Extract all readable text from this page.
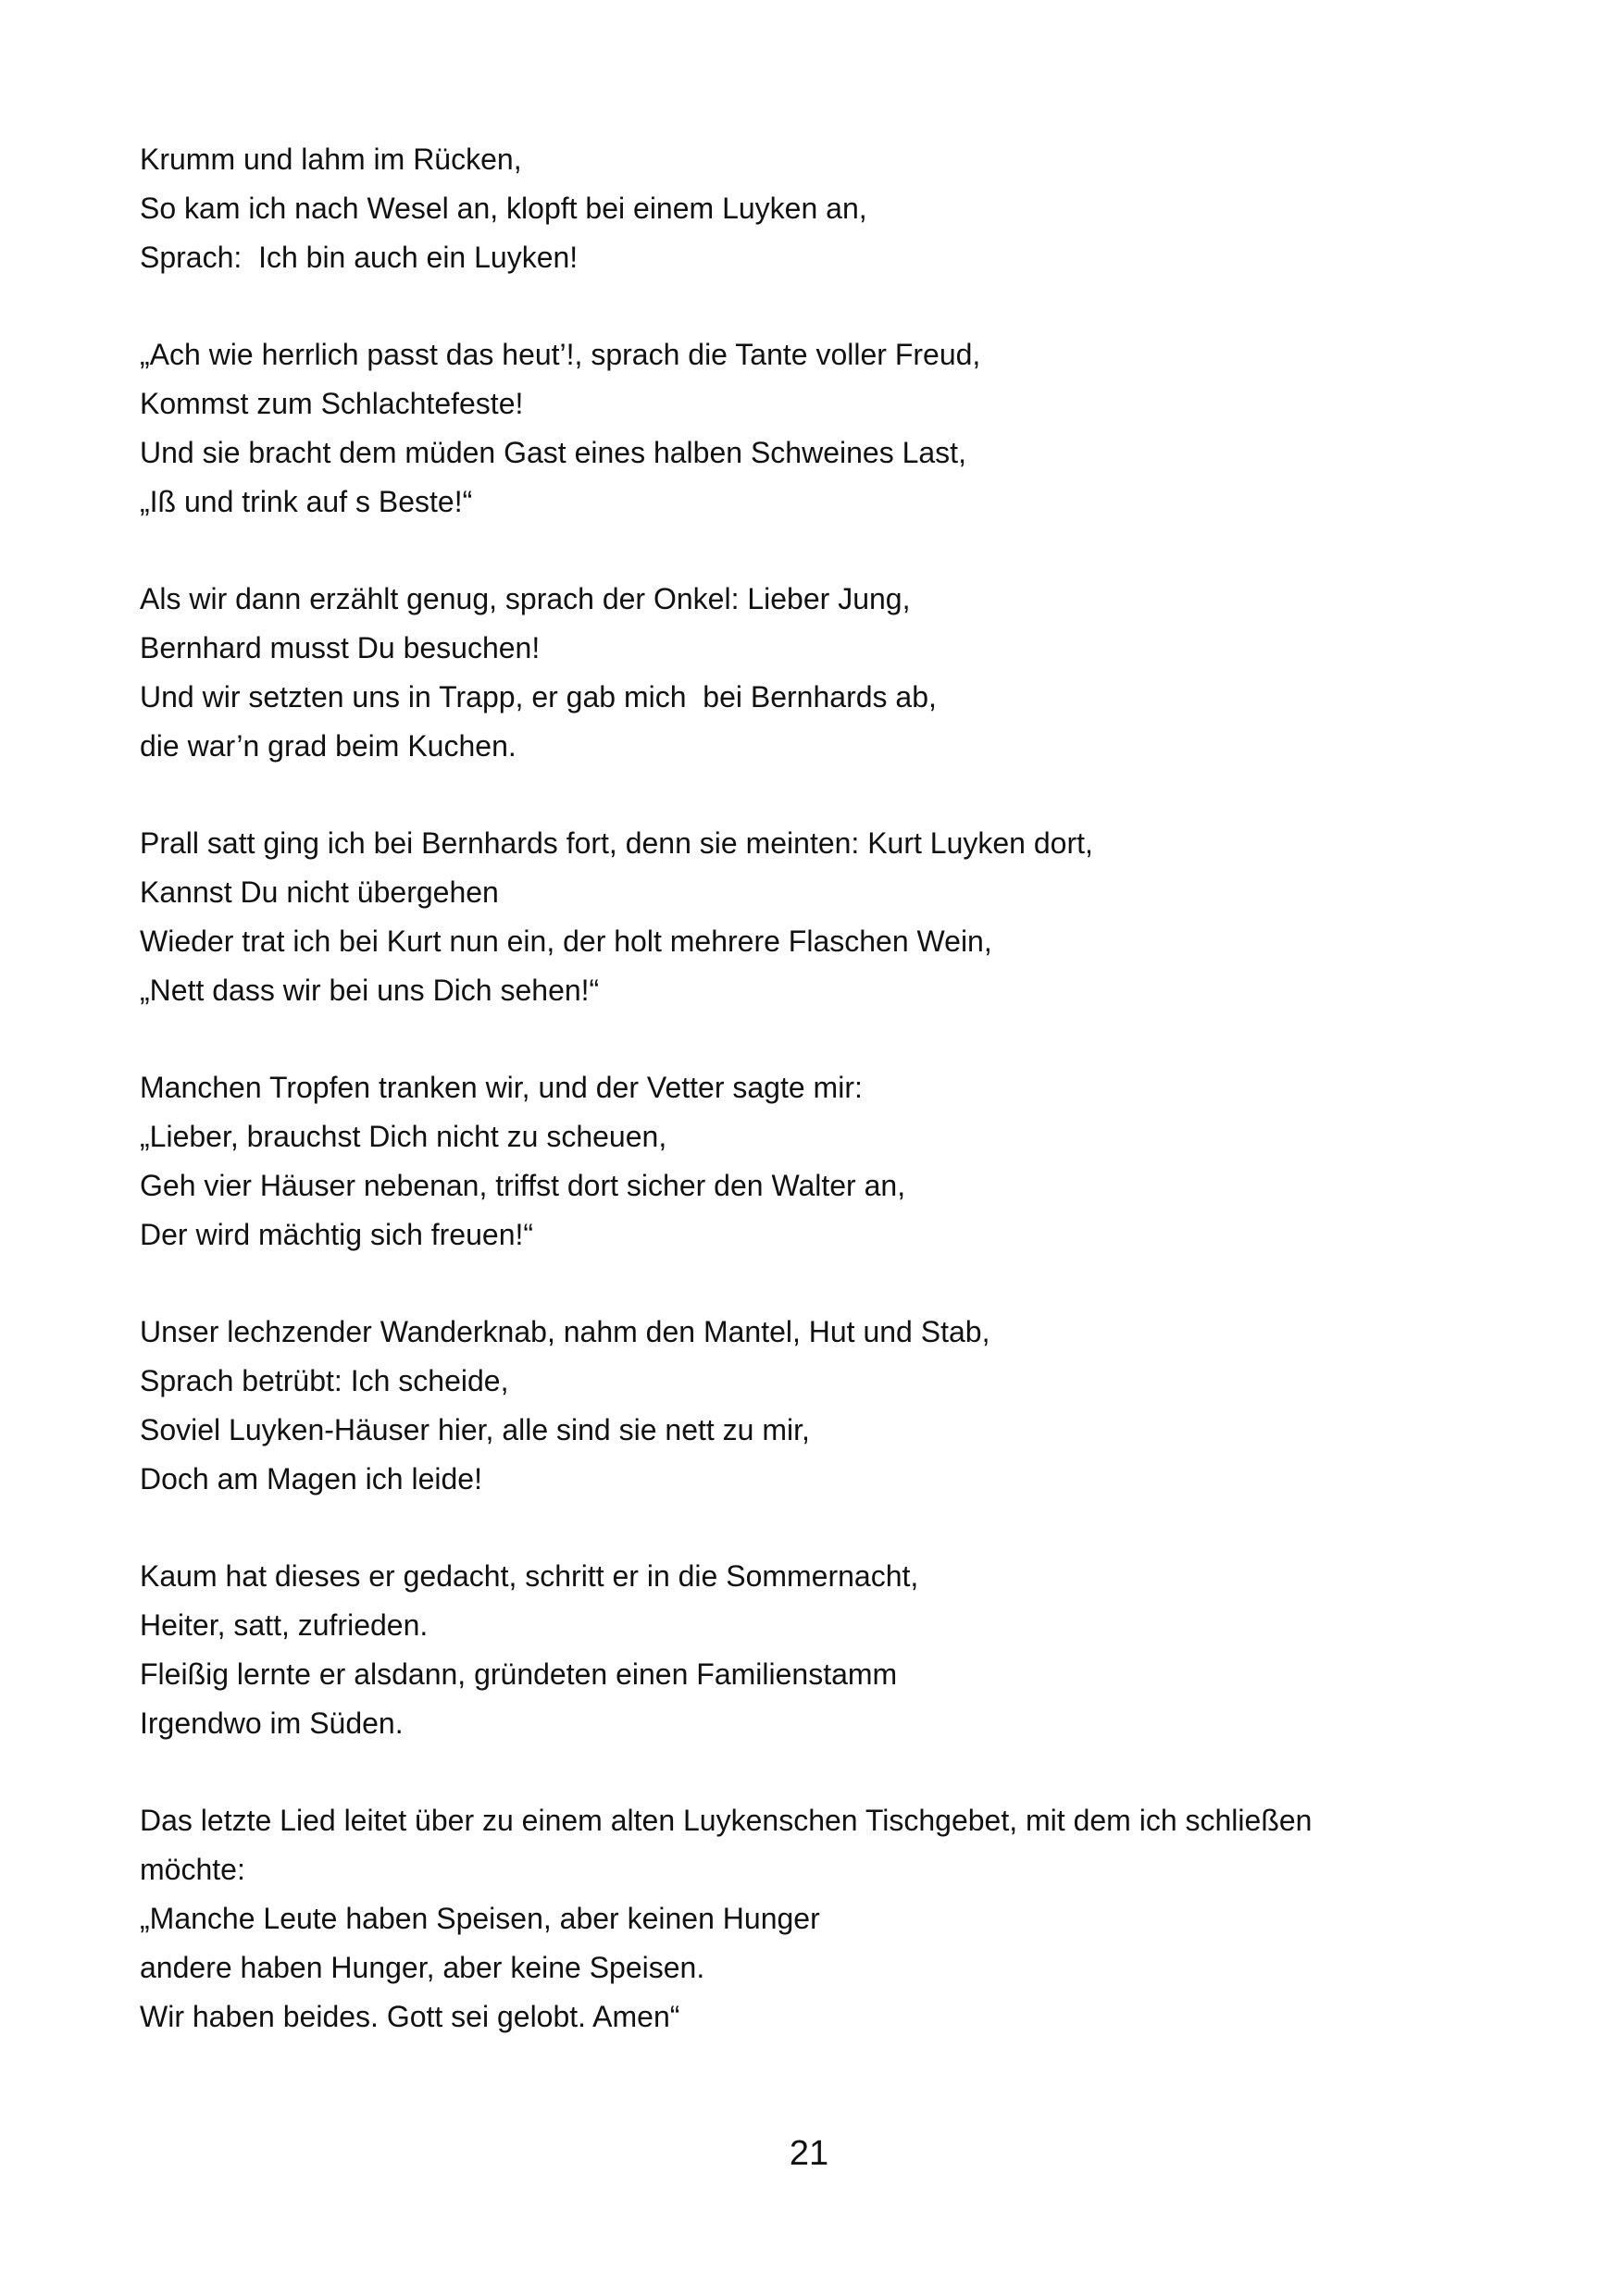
Krumm und lahm im Rücken,
So kam ich nach Wesel an, klopft bei einem Luyken an,
Sprach:  Ich bin auch ein Luyken!
„Ach wie herrlich passt das heut’!, sprach die Tante voller Freud,
Kommst zum Schlachtefeste!
Und sie bracht dem müden Gast eines halben Schweines Last,
„Iß und trink auf s Beste!“
Als wir dann erzählt genug, sprach der Onkel: Lieber Jung,
Bernhard musst Du besuchen!
Und wir setzten uns in Trapp, er gab mich  bei Bernhards ab,
die war’n grad beim Kuchen.
Prall satt ging ich bei Bernhards fort, denn sie meinten: Kurt Luyken dort,
Kannst Du nicht übergehen
Wieder trat ich bei Kurt nun ein, der holt mehrere Flaschen Wein,
„Nett dass wir bei uns Dich sehen!“
Manchen Tropfen tranken wir, und der Vetter sagte mir:
„Lieber, brauchst Dich nicht zu scheuen,
Geh vier Häuser nebenan, triffst dort sicher den Walter an,
Der wird mächtig sich freuen!“
Unser lechzender Wanderknab, nahm den Mantel, Hut und Stab,
Sprach betrübt: Ich scheide,
Soviel Luyken-Häuser hier, alle sind sie nett zu mir,
Doch am Magen ich leide!
Kaum hat dieses er gedacht, schritt er in die Sommernacht,
Heiter, satt, zufrieden.
Fleißig lernte er alsdann, gründeten einen Familienstamm
Irgendwo im Süden.
Das letzte Lied leitet über zu einem alten Luykenschen Tischgebet, mit dem ich schließen
möchte:
„Manche Leute haben Speisen, aber keinen Hunger
andere haben Hunger, aber keine Speisen.
Wir haben beides. Gott sei gelobt. Amen“
21
